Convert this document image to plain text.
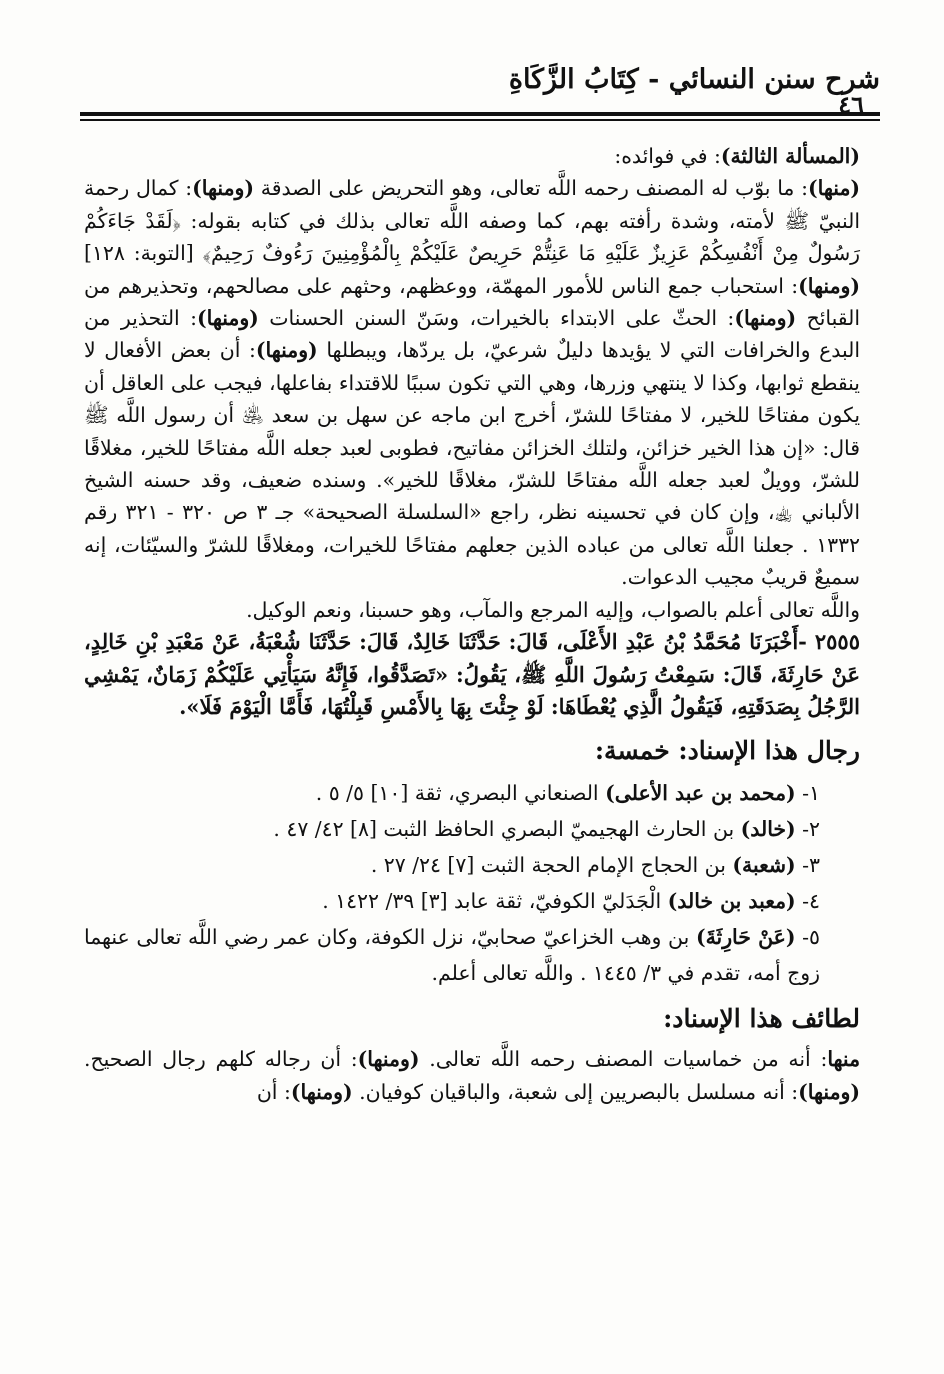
شرح سنن النسائي - كِتَابُ الزَّكَاةِ
٤٦

(المسألة الثالثة): في فوائده:

(منها): ما بوّب له المصنف رحمه اللَّه تعالى، وهو التحريض على الصدقة (ومنها): كمال رحمة النبيّ ﷺ لأمته، وشدة رأفته بهم، كما وصفه اللَّه تعالى بذلك في كتابه بقوله: ﴿لَقَدْ جَاءَكُمْ رَسُولٌ مِنْ أَنْفُسِكُمْ عَزِيزٌ عَلَيْهِ مَا عَنِتُّمْ حَرِيصٌ عَلَيْكُمْ بِالْمُؤْمِنِينَ رَءُوفٌ رَحِيمٌ﴾ [التوبة: ١٢٨] (ومنها): استحباب جمع الناس للأمور المهمّة، ووعظهم، وحثهم على مصالحهم، وتحذيرهم من القبائح (ومنها): الحثّ على الابتداء بالخيرات، وسَنّ السنن الحسنات (ومنها): التحذير من البدع والخرافات التي لا يؤيدها دليلٌ شرعيّ، بل يردّها، ويبطلها (ومنها): أن بعض الأفعال لا ينقطع ثوابها، وكذا لا ينتهي وزرها، وهي التي تكون سببًا للاقتداء بفاعلها، فيجب على العاقل أن يكون مفتاحًا للخير، لا مفتاحًا للشرّ، أخرج ابن ماجه عن سهل بن سعد ﵁ أن رسول اللَّه ﷺ قال: «إن هذا الخير خزائن، ولتلك الخزائن مفاتيح، فطوبى لعبد جعله اللَّه مفتاحًا للخير، مغلاقًا للشرّ، وويلٌ لعبد جعله اللَّه مفتاحًا للشرّ، مغلاقًا للخير». وسنده ضعيف، وقد حسنه الشيخ الألباني ﵀، وإن كان في تحسينه نظر، راجع «السلسلة الصحيحة» جـ ٣ ص ٣٢٠ - ٣٢١ رقم ١٣٣٢ . جعلنا اللَّه تعالى من عباده الذين جعلهم مفتاحًا للخيرات، ومغلاقًا للشرّ والسيّئات، إنه سميعٌ قريبٌ مجيب الدعوات.

واللَّه تعالى أعلم بالصواب، وإليه المرجع والمآب، وهو حسبنا، ونعم الوكيل.

٢٥٥٥ -أَخْبَرَنَا مُحَمَّدُ بْنُ عَبْدِ الأَعْلَى، قَالَ: حَدَّثَنَا خَالِدٌ، قَالَ: حَدَّثَنَا شُعْبَةُ، عَنْ مَعْبَدِ بْنِ خَالِدٍ، عَنْ حَارِثَةَ، قَالَ: سَمِعْتُ رَسُولَ اللَّهِ ﷺ، يَقُولُ: «تَصَدَّقُوا، فَإِنَّهُ سَيَأْتِي عَلَيْكُمْ زَمَانٌ، يَمْشِي الرَّجُلُ بِصَدَقَتِهِ، فَيَقُولُ الَّذِي يُعْطَاهَا: لَوْ جِئْتَ بِهَا بِالأَمْسِ قَبِلْتُهَا، فَأَمَّا الْيَوْمَ فَلَا».

رجال هذا الإسناد: خمسة:

١- (محمد بن عبد الأعلى) الصنعاني البصري، ثقة [١٠] ٥/ ٥ .

٢- (خالد) بن الحارث الهجيميّ البصري الحافظ الثبت [٨] ٤٢/ ٤٧ .

٣- (شعبة) بن الحجاج الإمام الحجة الثبت [٧] ٢٤/ ٢٧ .

٤- (معبد بن خالد) الْجَدَليّ الكوفيّ، ثقة عابد [٣] ٣٩/ ١٤٢٢ .

٥- (عَنْ حَارِثَةَ) بن وهب الخزاعيّ صحابيّ، نزل الكوفة، وكان عمر رضي اللَّه تعالى عنهما زوج أمه، تقدم في ٣/ ١٤٤٥ . واللَّه تعالى أعلم.

لطائف هذا الإسناد:

منها: أنه من خماسيات المصنف رحمه اللَّه تعالى. (ومنها): أن رجاله كلهم رجال الصحيح. (ومنها): أنه مسلسل بالبصريين إلى شعبة، والباقيان كوفيان. (ومنها): أن
